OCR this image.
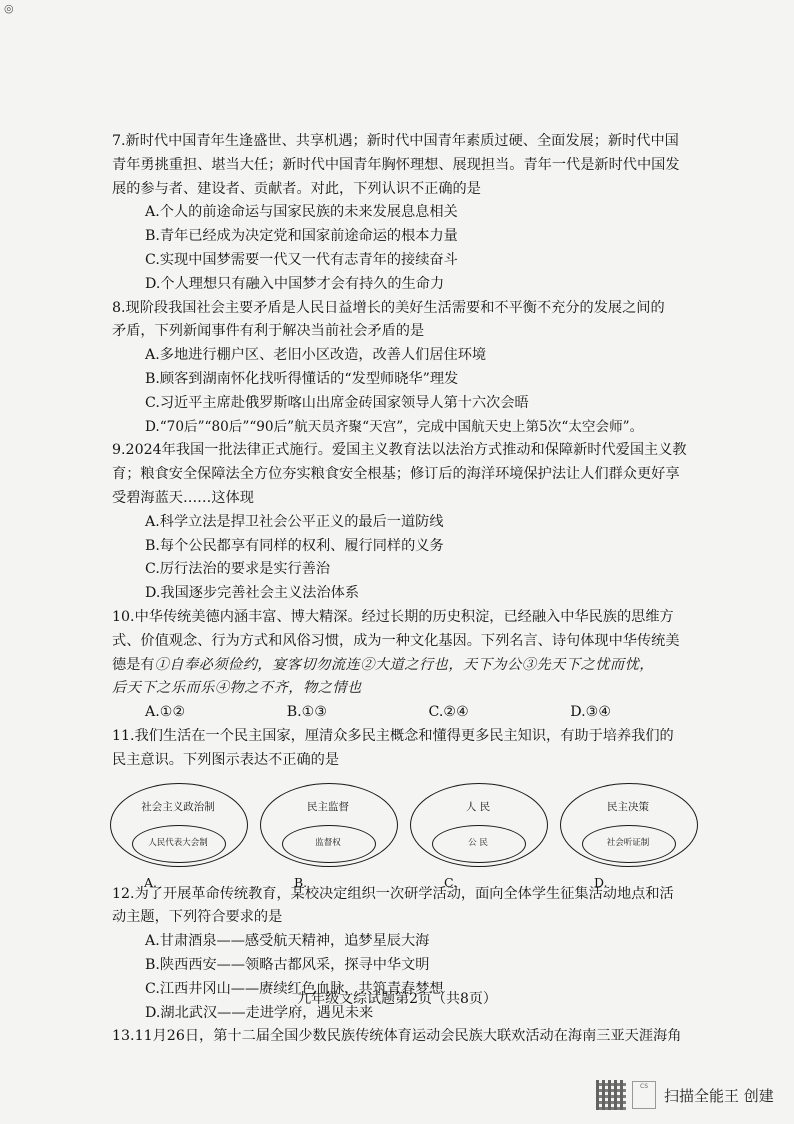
◎
7.新时代中国青年生逢盛世、共享机遇；新时代中国青年素质过硬、全面发展；新时代中国
青年勇挑重担、堪当大任；新时代中国青年胸怀理想、展现担当。青年一代是新时代中国发
展的参与者、建设者、贡献者。对此，下列认识不正确的是
A.个人的前途命运与国家民族的未来发展息息相关
B.青年已经成为决定党和国家前途命运的根本力量
C.实现中国梦需要一代又一代有志青年的接续奋斗
D.个人理想只有融入中国梦才会有持久的生命力
8.现阶段我国社会主要矛盾是人民日益增长的美好生活需要和不平衡不充分的发展之间的
矛盾，下列新闻事件有利于解决当前社会矛盾的是
A.多地进行棚户区、老旧小区改造，改善人们居住环境
B.顾客到湖南怀化找听得懂话的“发型师晓华”理发
C.习近平主席赴俄罗斯喀山出席金砖国家领导人第十六次会晤
D.“70后”“80后”“90后”航天员齐聚“天宫”，完成中国航天史上第5次“太空会师”。
9.2024年我国一批法律正式施行。爱国主义教育法以法治方式推动和保障新时代爱国主义教
育；粮食安全保障法全方位夯实粮食安全根基；修订后的海洋环境保护法让人们群众更好享
受碧海蓝天……这体现
A.科学立法是捍卫社会公平正义的最后一道防线
B.每个公民都享有同样的权利、履行同样的义务
C.厉行法治的要求是实行善治
D.我国逐步完善社会主义法治体系
10.中华传统美德内涵丰富、博大精深。经过长期的历史积淀，已经融入中华民族的思维方
式、价值观念、行为方式和风俗习惯，成为一种文化基因。下列名言、诗句体现中华传统美
德是有①自奉必须俭约，宴客切勿流连②大道之行也，天下为公③先天下之忧而忧，
后天下之乐而乐④物之不齐，物之情也
A.①②	B.①③	C.②④	D.③④
11.我们生活在一个民主国家，厘清众多民主概念和懂得更多民主知识，有助于培养我们的
民主意识。下列图示表达不正确的是
社会主义政治制
人民代表大会制
A.
民主监督
监督权
B.
人 民
公 民
C.
民主决策
社会听证制
D.
12.为了开展革命传统教育，某校决定组织一次研学活动，面向全体学生征集活动地点和活
动主题，下列符合要求的是
A.甘肃酒泉——感受航天精神，追梦星辰大海
B.陕西西安——领略古都风采，探寻中华文明
C.江西井冈山——赓续红色血脉，共筑青春梦想
D.湖北武汉——走进学府，遇见未来
13.11月26日，第十二届全国少数民族传统体育运动会民族大联欢活动在海南三亚天涯海角
九年级文综试题第2页（共8页）
CS	扫描全能王 创建
